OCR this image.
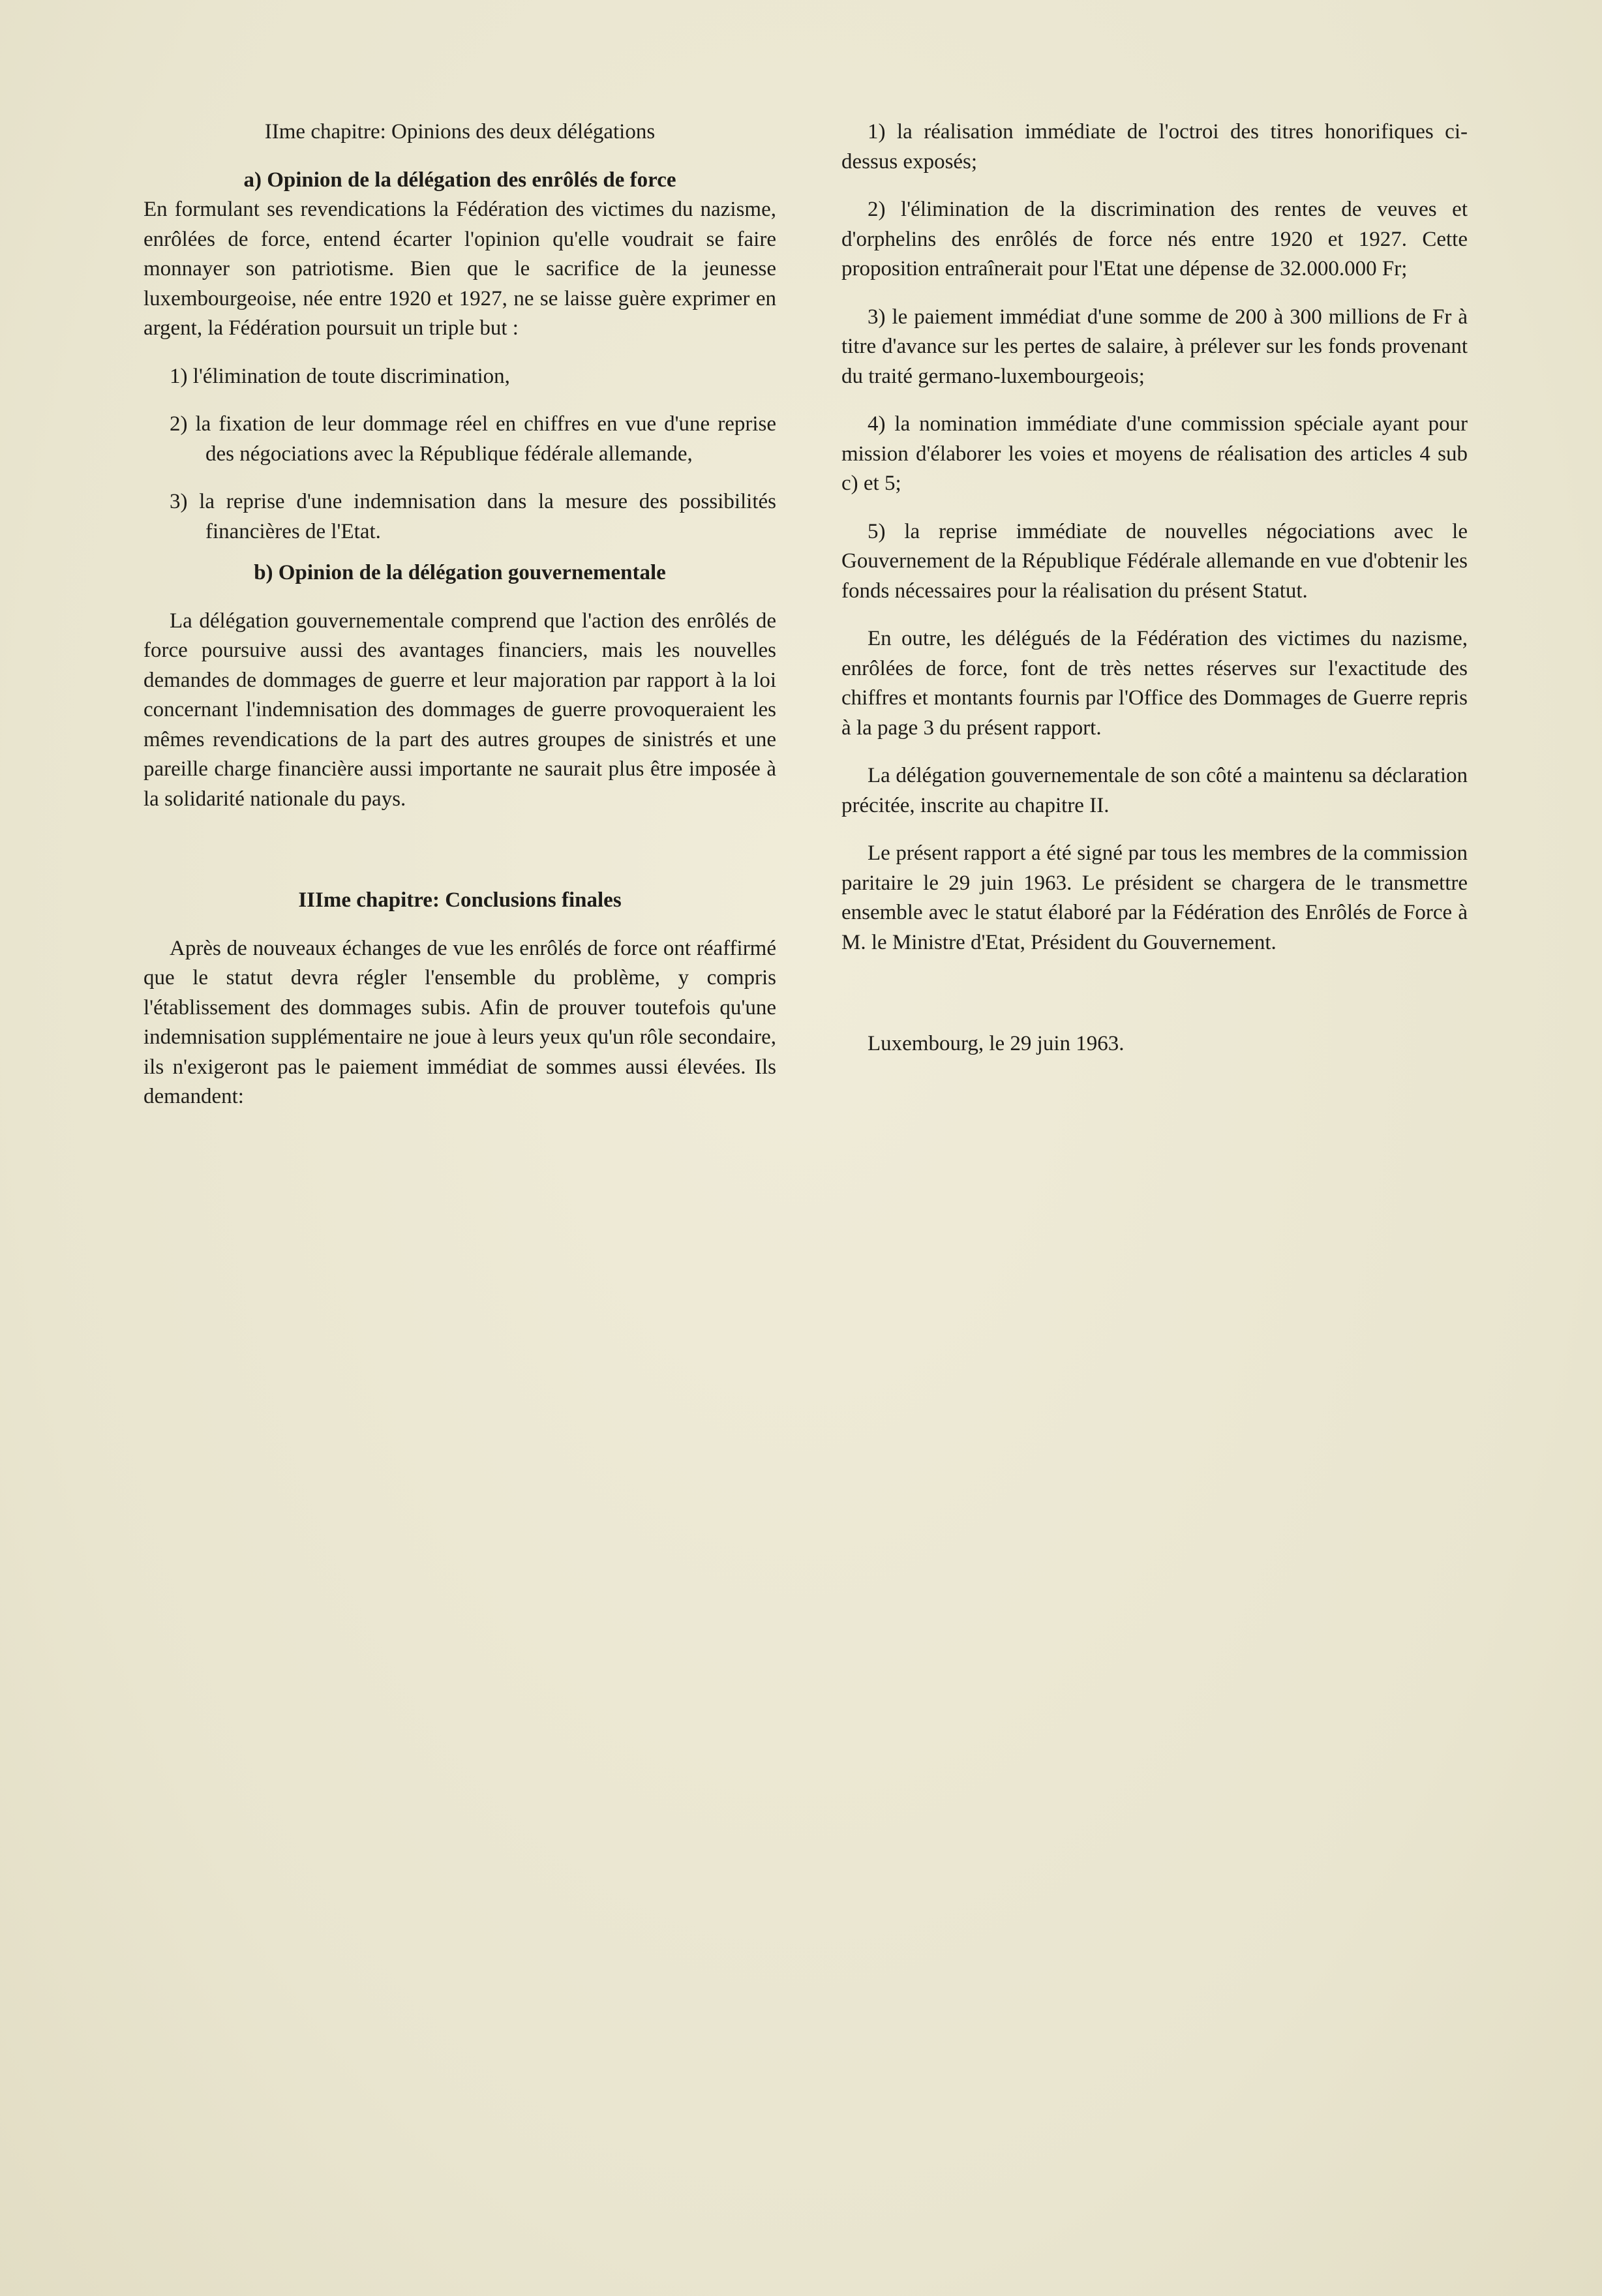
IIme chapitre: Opinions des deux délégations

a) Opinion de la délégation des enrôlés de force

En formulant ses revendications la Fédération des victimes du nazisme, enrôlées de force, entend écarter l'opinion qu'elle voudrait se faire monnayer son patriotisme. Bien que le sacrifice de la jeunesse luxembourgeoise, née entre 1920 et 1927, ne se laisse guère exprimer en argent, la Fédération poursuit un triple but :

1) l'élimination de toute discrimination,

2) la fixation de leur dommage réel en chiffres en vue d'une reprise des négociations avec la République fédérale allemande,

3) la reprise d'une indemnisation dans la mesure des possibilités financières de l'Etat.

b) Opinion de la délégation gouvernementale

La délégation gouvernementale comprend que l'action des enrôlés de force poursuive aussi des avantages financiers, mais les nouvelles demandes de dommages de guerre et leur majoration par rapport à la loi concernant l'indemnisation des dommages de guerre provoqueraient les mêmes revendications de la part des autres groupes de sinistrés et une pareille charge financière aussi importante ne saurait plus être imposée à la solidarité nationale du pays.

IIIme chapitre: Conclusions finales

Après de nouveaux échanges de vue les enrôlés de force ont réaffirmé que le statut devra régler l'ensemble du problème, y compris l'établissement des dommages subis. Afin de prouver toutefois qu'une indemnisation supplémentaire ne joue à leurs yeux qu'un rôle secondaire, ils n'exigeront pas le paiement immédiat de sommes aussi élevées. Ils demandent:

1) la réalisation immédiate de l'octroi des titres honorifiques ci-dessus exposés;

2) l'élimination de la discrimination des rentes de veuves et d'orphelins des enrôlés de force nés entre 1920 et 1927. Cette proposition entraînerait pour l'Etat une dépense de 32.000.000 Fr;

3) le paiement immédiat d'une somme de 200 à 300 millions de Fr à titre d'avance sur les pertes de salaire, à prélever sur les fonds provenant du traité germano-luxembourgeois;

4) la nomination immédiate d'une commission spéciale ayant pour mission d'élaborer les voies et moyens de réalisation des articles 4 sub c) et 5;

5) la reprise immédiate de nouvelles négociations avec le Gouvernement de la République Fédérale allemande en vue d'obtenir les fonds nécessaires pour la réalisation du présent Statut.

En outre, les délégués de la Fédération des victimes du nazisme, enrôlées de force, font de très nettes réserves sur l'exactitude des chiffres et montants fournis par l'Office des Dommages de Guerre repris à la page 3 du présent rapport.

La délégation gouvernementale de son côté a maintenu sa déclaration précitée, inscrite au chapitre II.

Le présent rapport a été signé par tous les membres de la commission paritaire le 29 juin 1963. Le président se chargera de le transmettre ensemble avec le statut élaboré par la Fédération des Enrôlés de Force à M. le Ministre d'Etat, Président du Gouvernement.

Luxembourg, le 29 juin 1963.
